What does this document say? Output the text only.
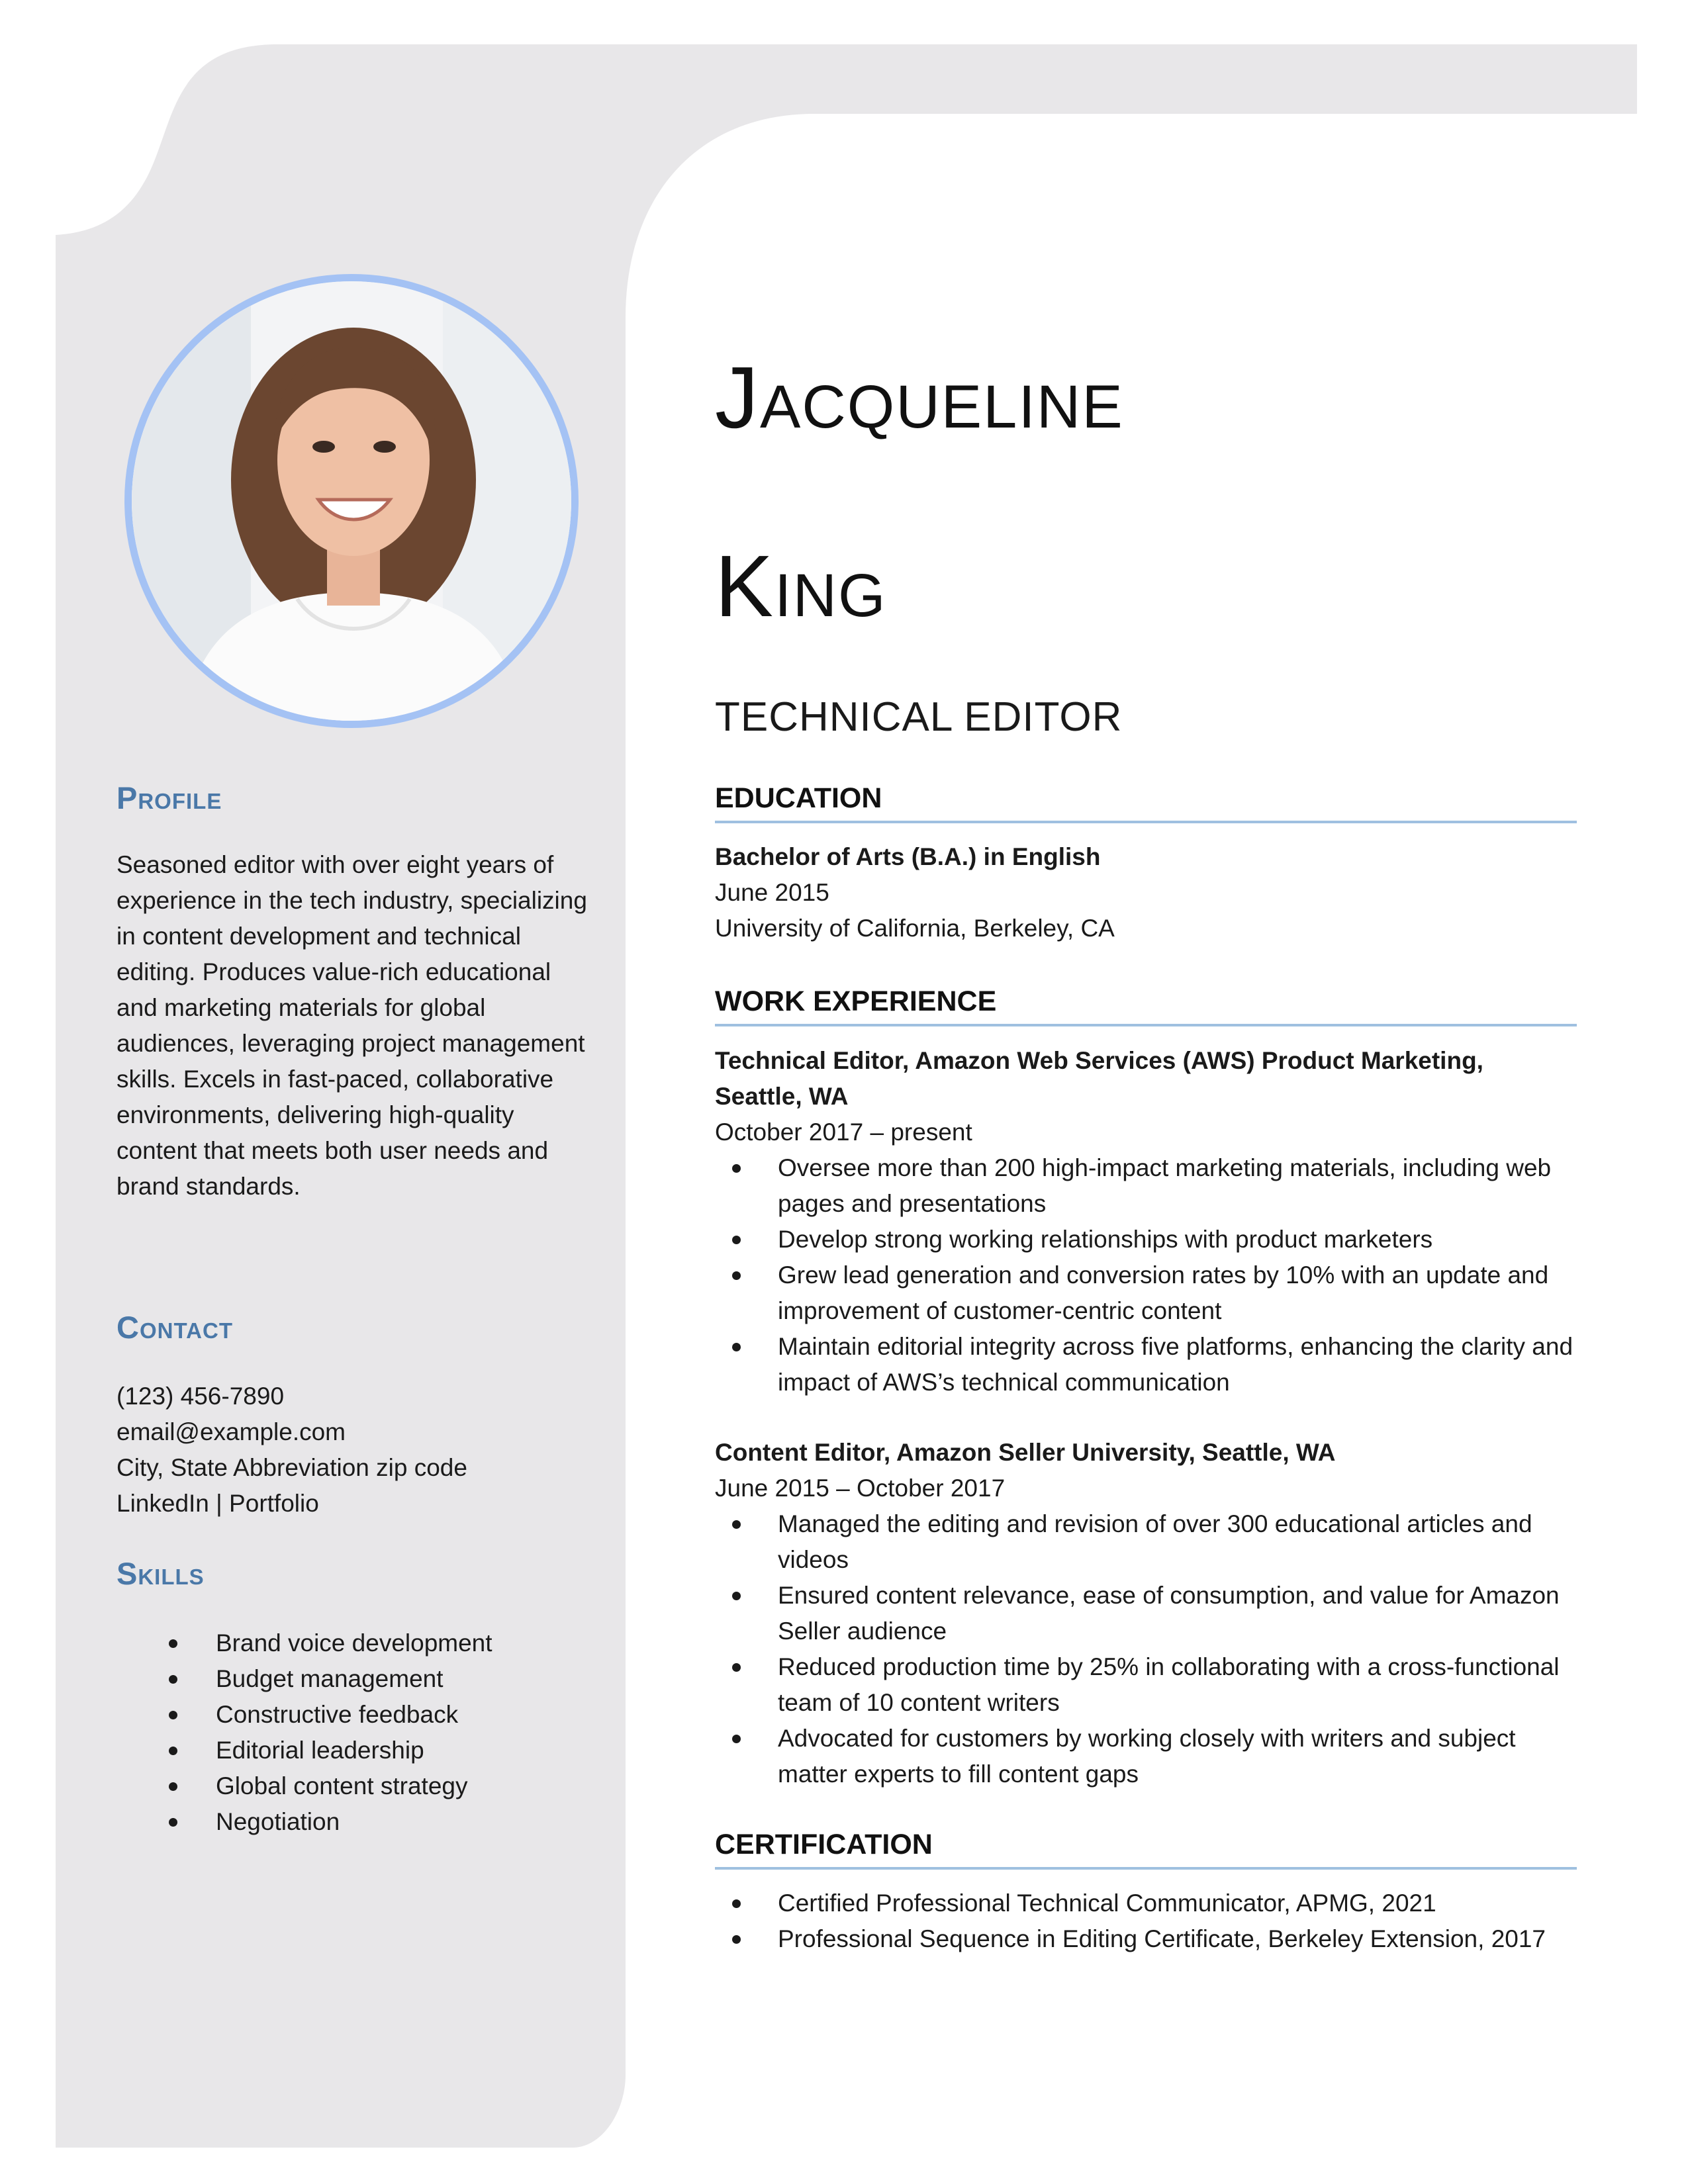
Profile

Seasoned editor with over eight years of experience in the tech industry, specializing in content development and technical editing. Produces value-rich educational and marketing materials for global audiences, leveraging project management skills. Excels in fast-paced, collaborative environments, delivering high-quality content that meets both user needs and brand standards.

Contact
(123) 456-7890
email@example.com
City, State Abbreviation zip code
LinkedIn | Portfolio
Skills
Brand voice development
Budget management
Constructive feedback
Editorial leadership
Global content strategy
Negotiation
Jacqueline
King

TECHNICAL EDITOR

EDUCATION

Bachelor of Arts (B.A.) in English

June 2015

University of California, Berkeley, CA

WORK EXPERIENCE

Technical Editor, Amazon Web Services (AWS) Product Marketing, Seattle, WA

October 2017 – present

Oversee more than 200 high-impact marketing materials, including web pages and presentations
Develop strong working relationships with product marketers
Grew lead generation and conversion rates by 10% with an update and improvement of customer-centric content
Maintain editorial integrity across five platforms, enhancing the clarity and impact of AWS’s technical communication

Content Editor, Amazon Seller University, Seattle, WA

June 2015 – October 2017

Managed the editing and revision of over 300 educational articles and videos
Ensured content relevance, ease of consumption, and value for Amazon Seller audience
Reduced production time by 25% in collaborating with a cross-functional team of 10 content writers
Advocated for customers by working closely with writers and subject matter experts to fill content gaps
CERTIFICATION
Certified Professional Technical Communicator, APMG, 2021
Professional Sequence in Editing Certificate, Berkeley Extension, 2017
